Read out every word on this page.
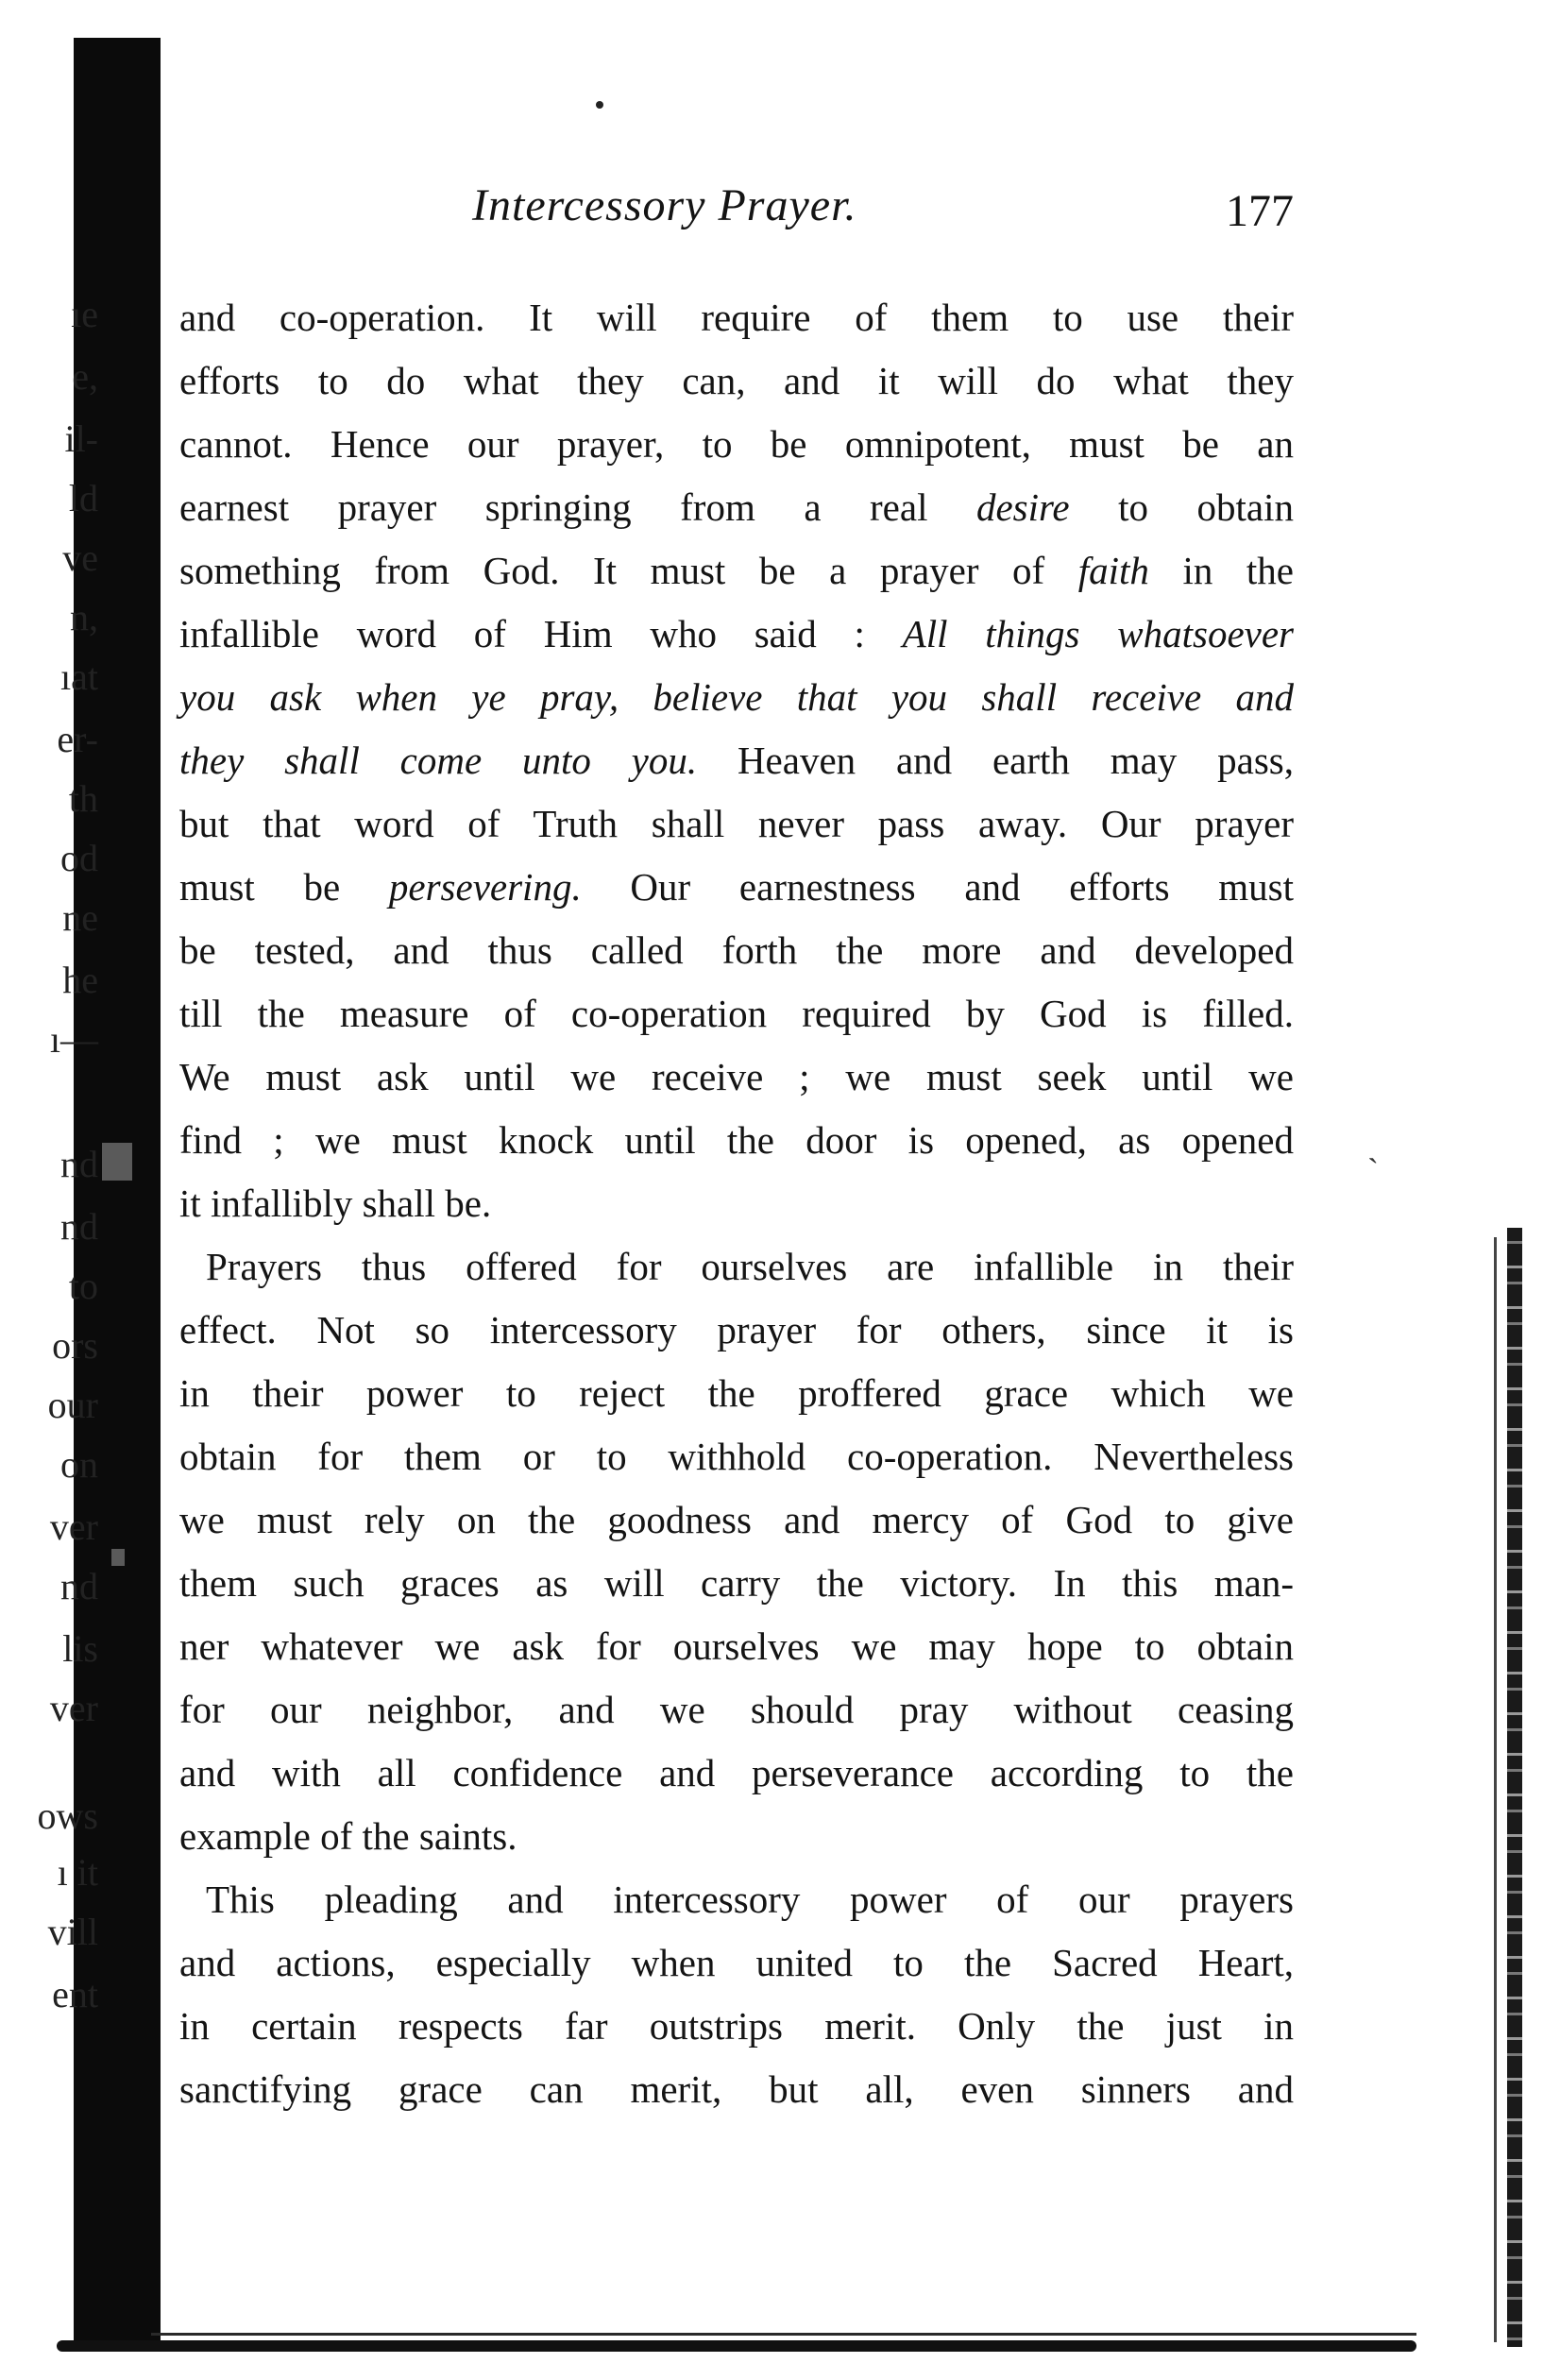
ˋ
ıe
e,
il-
ld
ve
n,
ıat
er-
th
od
ne
he
ı—
nd
nd
to
ors
our
on
ver
nd
lis
ver
ows
ı it
vill
ent
Intercessory Prayer.	177
and co-operation. It will require of them to use their
efforts to do what they can, and it will do what they
cannot. Hence our prayer, to be omnipotent, must be an
earnest prayer springing from a real desire to obtain
something from God. It must be a prayer of faith in the
infallible word of Him who said : All things whatsoever
you ask when ye pray, believe that you shall receive and
they shall come unto you. Heaven and earth may pass,
but that word of Truth shall never pass away. Our prayer
must be persevering. Our earnestness and efforts must
be tested, and thus called forth the more and developed
till the measure of co-operation required by God is filled.
We must ask until we receive ; we must seek until we
find ; we must knock until the door is opened, as opened
it infallibly shall be.
Prayers thus offered for ourselves are infallible in their
effect. Not so intercessory prayer for others, since it is
in their power to reject the proffered grace which we
obtain for them or to withhold co-operation. Nevertheless
we must rely on the goodness and mercy of God to give
them such graces as will carry the victory. In this man-
ner whatever we ask for ourselves we may hope to obtain
for our neighbor, and we should pray without ceasing
and with all confidence and perseverance according to the
example of the saints.
This pleading and intercessory power of our prayers
and actions, especially when united to the Sacred Heart,
in certain respects far outstrips merit. Only the just in
sanctifying grace can merit, but all, even sinners and
